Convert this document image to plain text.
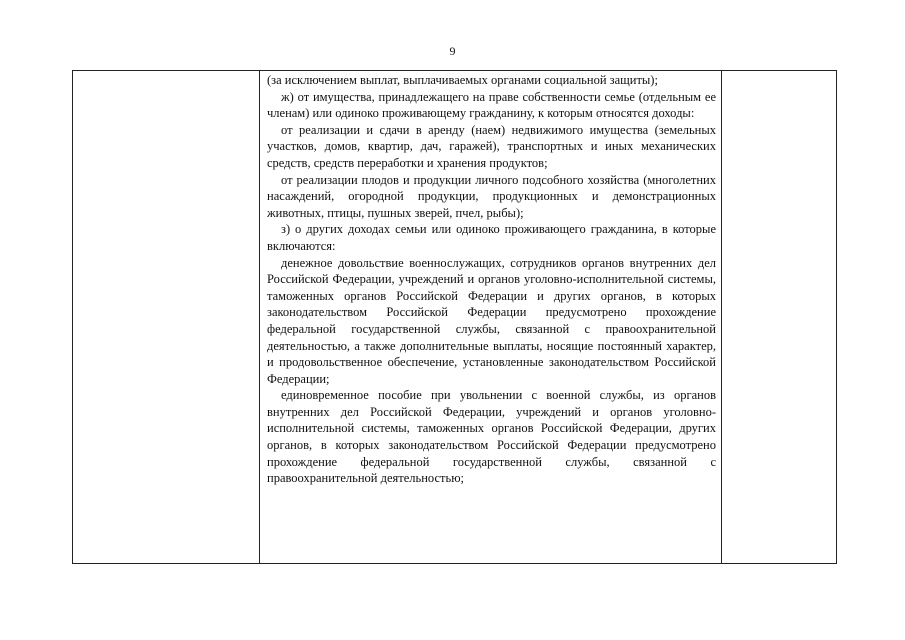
9

(за исключением выплат, выплачиваемых органами социальной защиты);

ж) от имущества, принадлежащего на праве собственности семье (отдельным ее членам) или одиноко проживающему гражданину, к которым относятся доходы:

от реализации и сдачи в аренду (наем) недвижимого имущества (земельных участков, домов, квартир, дач, гаражей), транспортных и иных механических средств, средств переработки и хранения продуктов;

от реализации плодов и продукции личного подсобного хозяйства (многолетних насаждений, огородной продукции, продукционных и демонстрационных животных, птицы, пушных зверей, пчел, рыбы);

з) о других доходах семьи или одиноко проживающего гражданина, в которые включаются:

денежное довольствие военнослужащих, сотрудников органов внутренних дел Российской Федерации, учреждений и органов уголовно-исполнительной системы, таможенных органов Российской Федерации и других органов, в которых законодательством Российской Федерации предусмотрено прохождение федеральной государственной службы, связанной с правоохранительной деятельностью, а также дополнительные выплаты, носящие постоянный характер, и продовольственное обеспечение, установленные законодательством Российской Федерации;

единовременное пособие при увольнении с военной службы, из органов внутренних дел Российской Федерации, учреждений и органов уголовно-исполнительной системы, таможенных органов Российской Федерации, других органов, в которых законодательством Российской Федерации предусмотрено прохождение федеральной государственной службы, связанной с правоохранительной деятельностью;
